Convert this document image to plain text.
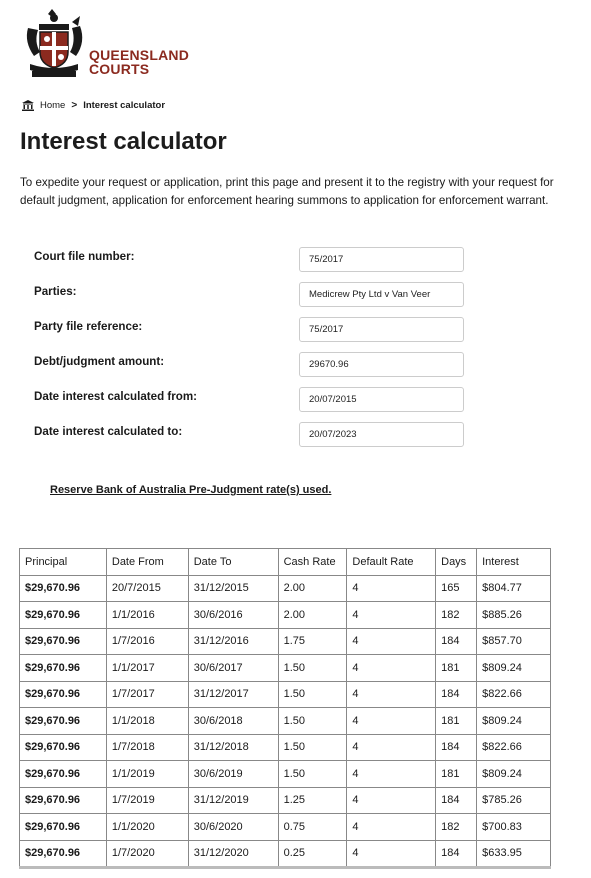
QUEENSLAND
COURTS
Home > Interest calculator
Interest calculator

To expedite your request or application, print this page and present it to the registry with your request for default judgment, application for enforcement hearing summons to application for enforcement warrant.

Court file number:
75/2017
Parties:
Medicrew Pty Ltd v Van Veer
Party file reference:
75/2017
Debt/judgment amount:
29670.96
Date interest calculated from:
20/07/2015
Date interest calculated to:
20/07/2023
Reserve Bank of Australia Pre-Judgment rate(s) used.
Principal	Date From	Date To	Cash Rate	Default Rate	Days	Interest
$29,670.96	20/7/2015	31/12/2015	2.00	4	165	$804.77
$29,670.96	1/1/2016	30/6/2016	2.00	4	182	$885.26
$29,670.96	1/7/2016	31/12/2016	1.75	4	184	$857.70
$29,670.96	1/1/2017	30/6/2017	1.50	4	181	$809.24
$29,670.96	1/7/2017	31/12/2017	1.50	4	184	$822.66
$29,670.96	1/1/2018	30/6/2018	1.50	4	181	$809.24
$29,670.96	1/7/2018	31/12/2018	1.50	4	184	$822.66
$29,670.96	1/1/2019	30/6/2019	1.50	4	181	$809.24
$29,670.96	1/7/2019	31/12/2019	1.25	4	184	$785.26
$29,670.96	1/1/2020	30/6/2020	0.75	4	182	$700.83
$29,670.96	1/7/2020	31/12/2020	0.25	4	184	$633.95
